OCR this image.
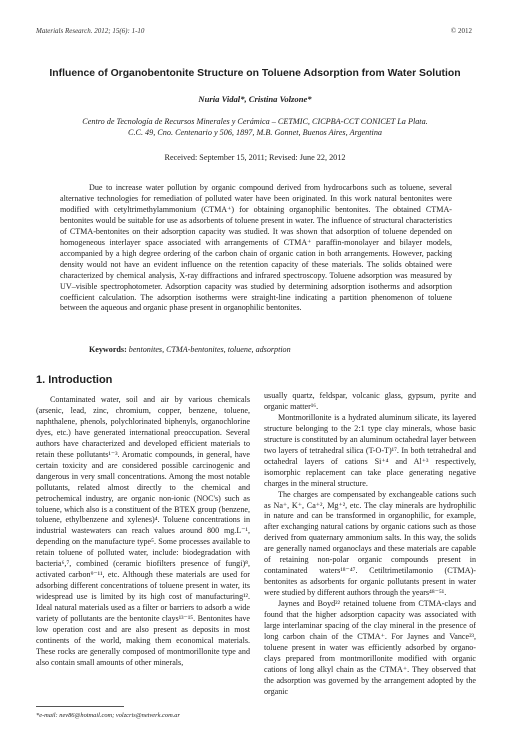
Materials Research. 2012; 15(6): 1-10	© 2012
Influence of Organobentonite Structure on Toluene Adsorption from Water Solution
Nuria Vidal*, Cristina Volzone*
Centro de Tecnología de Recursos Minerales y Cerámica – CETMIC, CICPBA-CCT CONICET La Plata.
C.C. 49, Cno. Centenario y 506, 1897, M.B. Gonnet, Buenos Aires, Argentina
Received: September 15, 2011; Revised: June 22, 2012
Due to increase water pollution by organic compound derived from hydrocarbons such as toluene, several alternative technologies for remediation of polluted water have been originated. In this work natural bentonites were modified with cetyltrimethylammonium (CTMA⁺) for obtaining organophilic bentonites. The obtained CTMA-bentonites would be suitable for use as adsorbents of toluene present in water. The influence of structural characteristics of CTMA-bentonites on their adsorption capacity was studied. It was shown that adsorption of toluene depended on homogeneous interlayer space associated with arrangements of CTMA⁺ paraffin-monolayer and bilayer models, accompanied by a high degree ordering of the carbon chain of organic cation in both arrangements. However, packing density would not have an evident influence on the retention capacity of these materials. The solids obtained were characterized by chemical analysis, X-ray diffractions and infrared spectroscopy. Toluene adsorption was measured by UV–visible spectrophotometer. Adsorption capacity was studied by determining adsorption isotherms and adsorption coefficient calculation. The adsorption isotherms were straight-line indicating a partition phenomenon of toluene between the aqueous and organic phase present in organophilic bentonites.
Keywords: bentonites, CTMA-bentonites, toluene, adsorption
1. Introduction

Contaminated water, soil and air by various chemicals (arsenic, lead, zinc, chromium, copper, benzene, toluene, naphthalene, phenols, polychlorinated biphenyls, organochlorine dyes, etc.) have generated international preoccupation. Several authors have characterized and developed efficient materials to retain these pollutants¹⁻³. Aromatic compounds, in general, have certain toxicity and are considered possible carcinogenic and dangerous in very small concentrations. Among the most notable pollutants, related almost directly to the chemical and petrochemical industry, are organic non-ionic (NOC's) such as toluene, which also is a constituent of the BTEX group (benzene, toluene, ethylbenzene and xylenes)⁴. Toluene concentrations in industrial wastewaters can reach values around 800 mg.L⁻¹, depending on the manufacture type⁵. Some processes available to retain toluene of polluted water, include: biodegradation with bacteria⁶,⁷, combined (ceramic biofilters presence of fungi)⁸, activated carbon⁹⁻¹¹, etc. Although these materials are used for adsorbing different concentrations of toluene present in water, its widespread use is limited by its high cost of manufacturing¹². Ideal natural materials used as a filter or barriers to adsorb a wide variety of pollutants are the bentonite clays¹³⁻¹⁵. Bentonites have low operation cost and are also present as deposits in most continents of the world, making them economical materials. These rocks are generally composed of montmorillonite type and also contain small amounts of other minerals,

usually quartz, feldspar, volcanic glass, gypsum, pyrite and organic matter¹⁶.

Montmorillonite is a hydrated aluminum silicate, its layered structure belonging to the 2:1 type clay minerals, whose basic structure is constituted by an aluminum octahedral layer between two layers of tetrahedral silica (T-O-T)¹⁷. In both tetrahedral and octahedral layers of cations Si⁺⁴ and Al⁺³ respectively, isomorphic replacement can take place generating negative charges in the mineral structure.

The charges are compensated by exchangeable cations such as Na⁺, K⁺, Ca⁺², Mg⁺², etc. The clay minerals are hydrophilic in nature and can be transformed in organophilic, for example, after exchanging natural cations by organic cations such as those derived from quaternary ammonium salts. In this way, the solids are generally named organoclays and these materials are capable of retaining non-polar organic compounds present in contaminated waters¹⁸⁻⁴⁷. Cetiltrimetilamonio (CTMA)-bentonites as adsorbents for organic pollutants present in water were studied by different authors through the years⁴⁸⁻⁵¹.

Jaynes and Boyd²² retained toluene from CTMA-clays and found that the higher adsorption capacity was associated with large interlaminar spacing of the clay mineral in the presence of long carbon chain of the CTMA⁺. For Jaynes and Vance²³, toluene present in water was efficiently adsorbed by organo-clays prepared from montmorillonite modified with organic cations of long alkyl chain as the CTMA⁺. They observed that the adsorption was governed by the arrangement adopted by the organic

*e-mail: nev86@hotmail.com; volzcris@netverk.com.ar
